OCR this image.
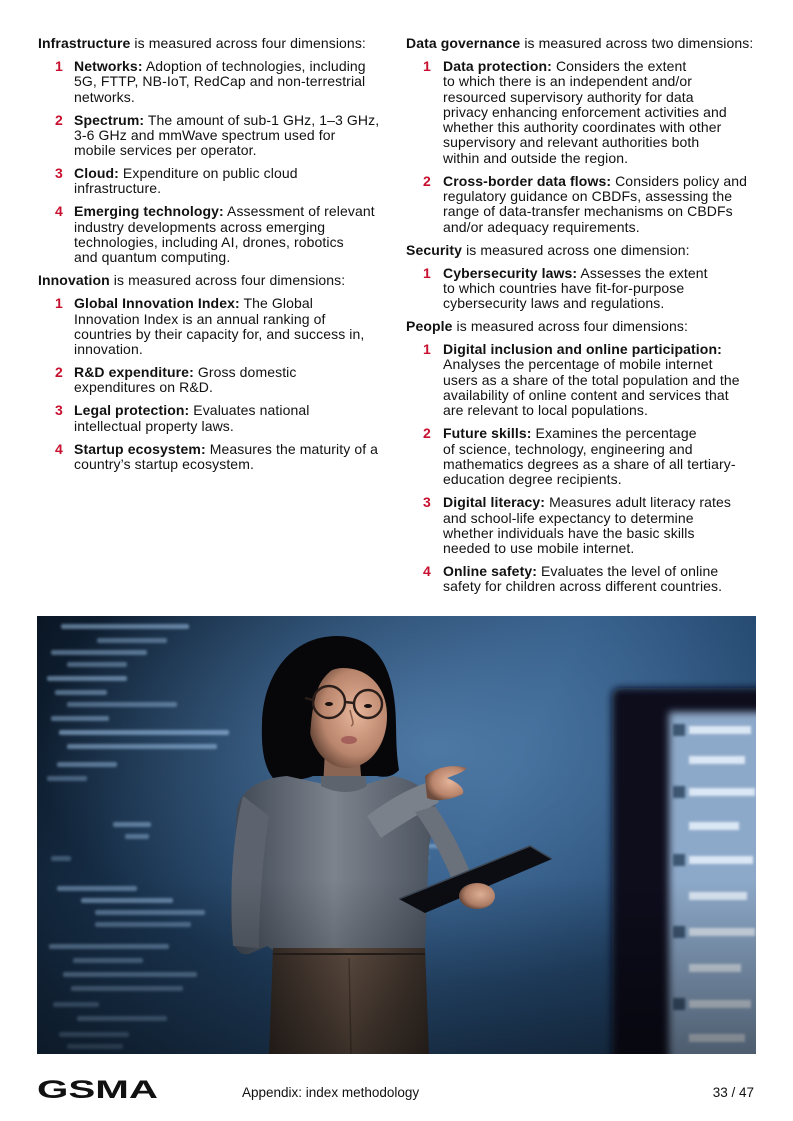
Infrastructure is measured across four dimensions:

1 Networks: Adoption of technologies, including
5G, FTTP, NB-IoT, RedCap and non-terrestrial
networks.
2 Spectrum: The amount of sub-1 GHz, 1–3 GHz,
3-6 GHz and mmWave spectrum used for
mobile services per operator.
3 Cloud: Expenditure on public cloud
infrastructure.
4 Emerging technology: Assessment of relevant
industry developments across emerging
technologies, including AI, drones, robotics
and quantum computing.

Innovation is measured across four dimensions:

1 Global Innovation Index: The Global
Innovation Index is an annual ranking of
countries by their capacity for, and success in,
innovation.
2 R&D expenditure: Gross domestic
expenditures on R&D.
3 Legal protection: Evaluates national
intellectual property laws.
4 Startup ecosystem: Measures the maturity of a
country’s startup ecosystem.

Data governance is measured across two dimensions:

1 Data protection: Considers the extent
to which there is an independent and/or
resourced supervisory authority for data
privacy enhancing enforcement activities and
whether this authority coordinates with other
supervisory and relevant authorities both
within and outside the region.
2 Cross-border data flows: Considers policy and
regulatory guidance on CBDFs, assessing the
range of data-transfer mechanisms on CBDFs
and/or adequacy requirements.

Security is measured across one dimension:

1 Cybersecurity laws: Assesses the extent
to which countries have fit-for-purpose
cybersecurity laws and regulations.

People is measured across four dimensions:

1 Digital inclusion and online participation: Analyses the percentage of mobile internet
users as a share of the total population and the
availability of online content and services that
are relevant to local populations.
2 Future skills: Examines the percentage
of science, technology, engineering and
mathematics degrees as a share of all tertiary-
education degree recipients.
3 Digital literacy: Measures adult literacy rates
and school-life expectancy to determine
whether individuals have the basic skills
needed to use mobile internet.
4 Online safety: Evaluates the level of online
safety for children across different countries.
GSMA	Appendix: index methodology	33 / 47
